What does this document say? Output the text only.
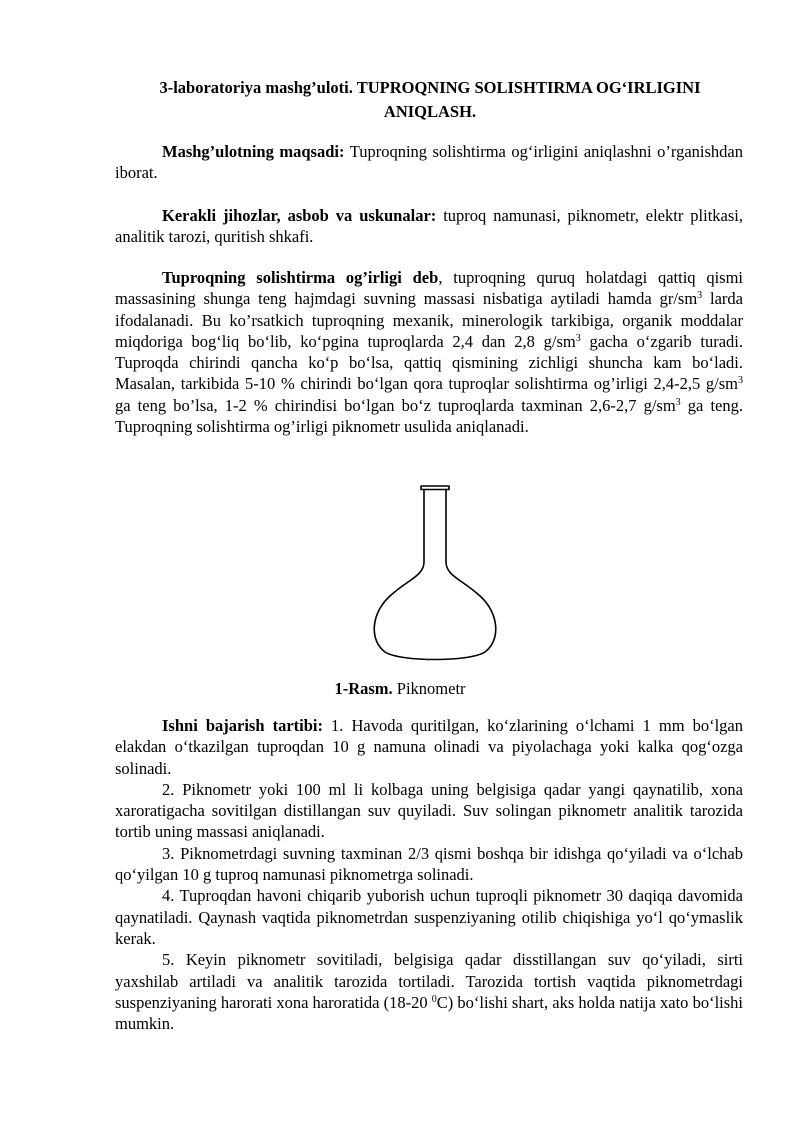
3-laboratoriya mashg’uloti. TUPROQNING SOLISHTIRMA OG‘IRLIGINI
ANIQLASH.
Mashg’ulotning maqsadi: Tuproqning solishtirma og‘irligini aniqlashni o’rganishdan iborat.
Kerakli jihozlar, asbob va uskunalar: tuproq namunasi, piknometr, elektr plitkasi, analitik tarozi, quritish shkafi.
Tuproqning solishtirma og’irligi deb, tuproqning quruq holatdagi qattiq qismi massasining shunga teng hajmdagi suvning massasi nisbatiga aytiladi hamda $gr/sm^3$ larda ifodalanadi. Bu ko’rsatkich tuproqning mexanik, minerologik tarkibiga, organik moddalar miqdoriga bog‘liq bo‘lib, ko‘pgina tuproqlarda 2,4 dan 2,8 $g/sm^3$ gacha o‘zgarib turadi. Tuproqda chirindi qancha ko‘p bo‘lsa, qattiq qismining zichligi shuncha kam bo‘ladi. Masalan, tarkibida 5-10 % chirindi bo‘lgan qora tuproqlar solishtirma og’irligi 2,4-2,5 $g/sm^3$ ga teng bo’lsa, 1-2 % chirindisi bo‘lgan bo‘z tuproqlarda taxminan 2,6-2,7 $g/sm^3$ ga teng. Tuproqning solishtirma og’irligi piknometr usulida aniqlanadi.
1-Rasm. Piknometr

Ishni bajarish tartibi: 1. Havoda quritilgan, ko‘zlarining o‘lchami 1 mm bo‘lgan elakdan o‘tkazilgan tuproqdan 10 g namuna olinadi va piyolachaga yoki kalka qog‘ozga solinadi.

2. Piknometr yoki 100 ml li kolbaga uning belgisiga qadar yangi qaynatilib, xona xaroratigacha sovitilgan distillangan suv quyiladi. Suv solingan piknometr analitik tarozida tortib uning massasi aniqlanadi.

3. Piknometrdagi suvning taxminan 2/3 qismi boshqa bir idishga qo‘yiladi va o‘lchab qo‘yilgan 10 g tuproq namunasi piknometrga solinadi.

4. Tuproqdan havoni chiqarib yuborish uchun tuproqli piknometr 30 daqiqa davomida qaynatiladi. Qaynash vaqtida piknometrdan suspenziyaning otilib chiqishiga yo‘l qo‘ymaslik kerak.

5. Keyin piknometr sovitiladi, belgisiga qadar disstillangan suv qo‘yiladi, sirti yaxshilab artiladi va analitik tarozida tortiladi. Tarozida tortish vaqtida piknometrdagi suspenziyaning harorati xona haroratida (18-20 $^0$C) bo‘lishi shart, aks holda natija xato bo‘lishi mumkin.
